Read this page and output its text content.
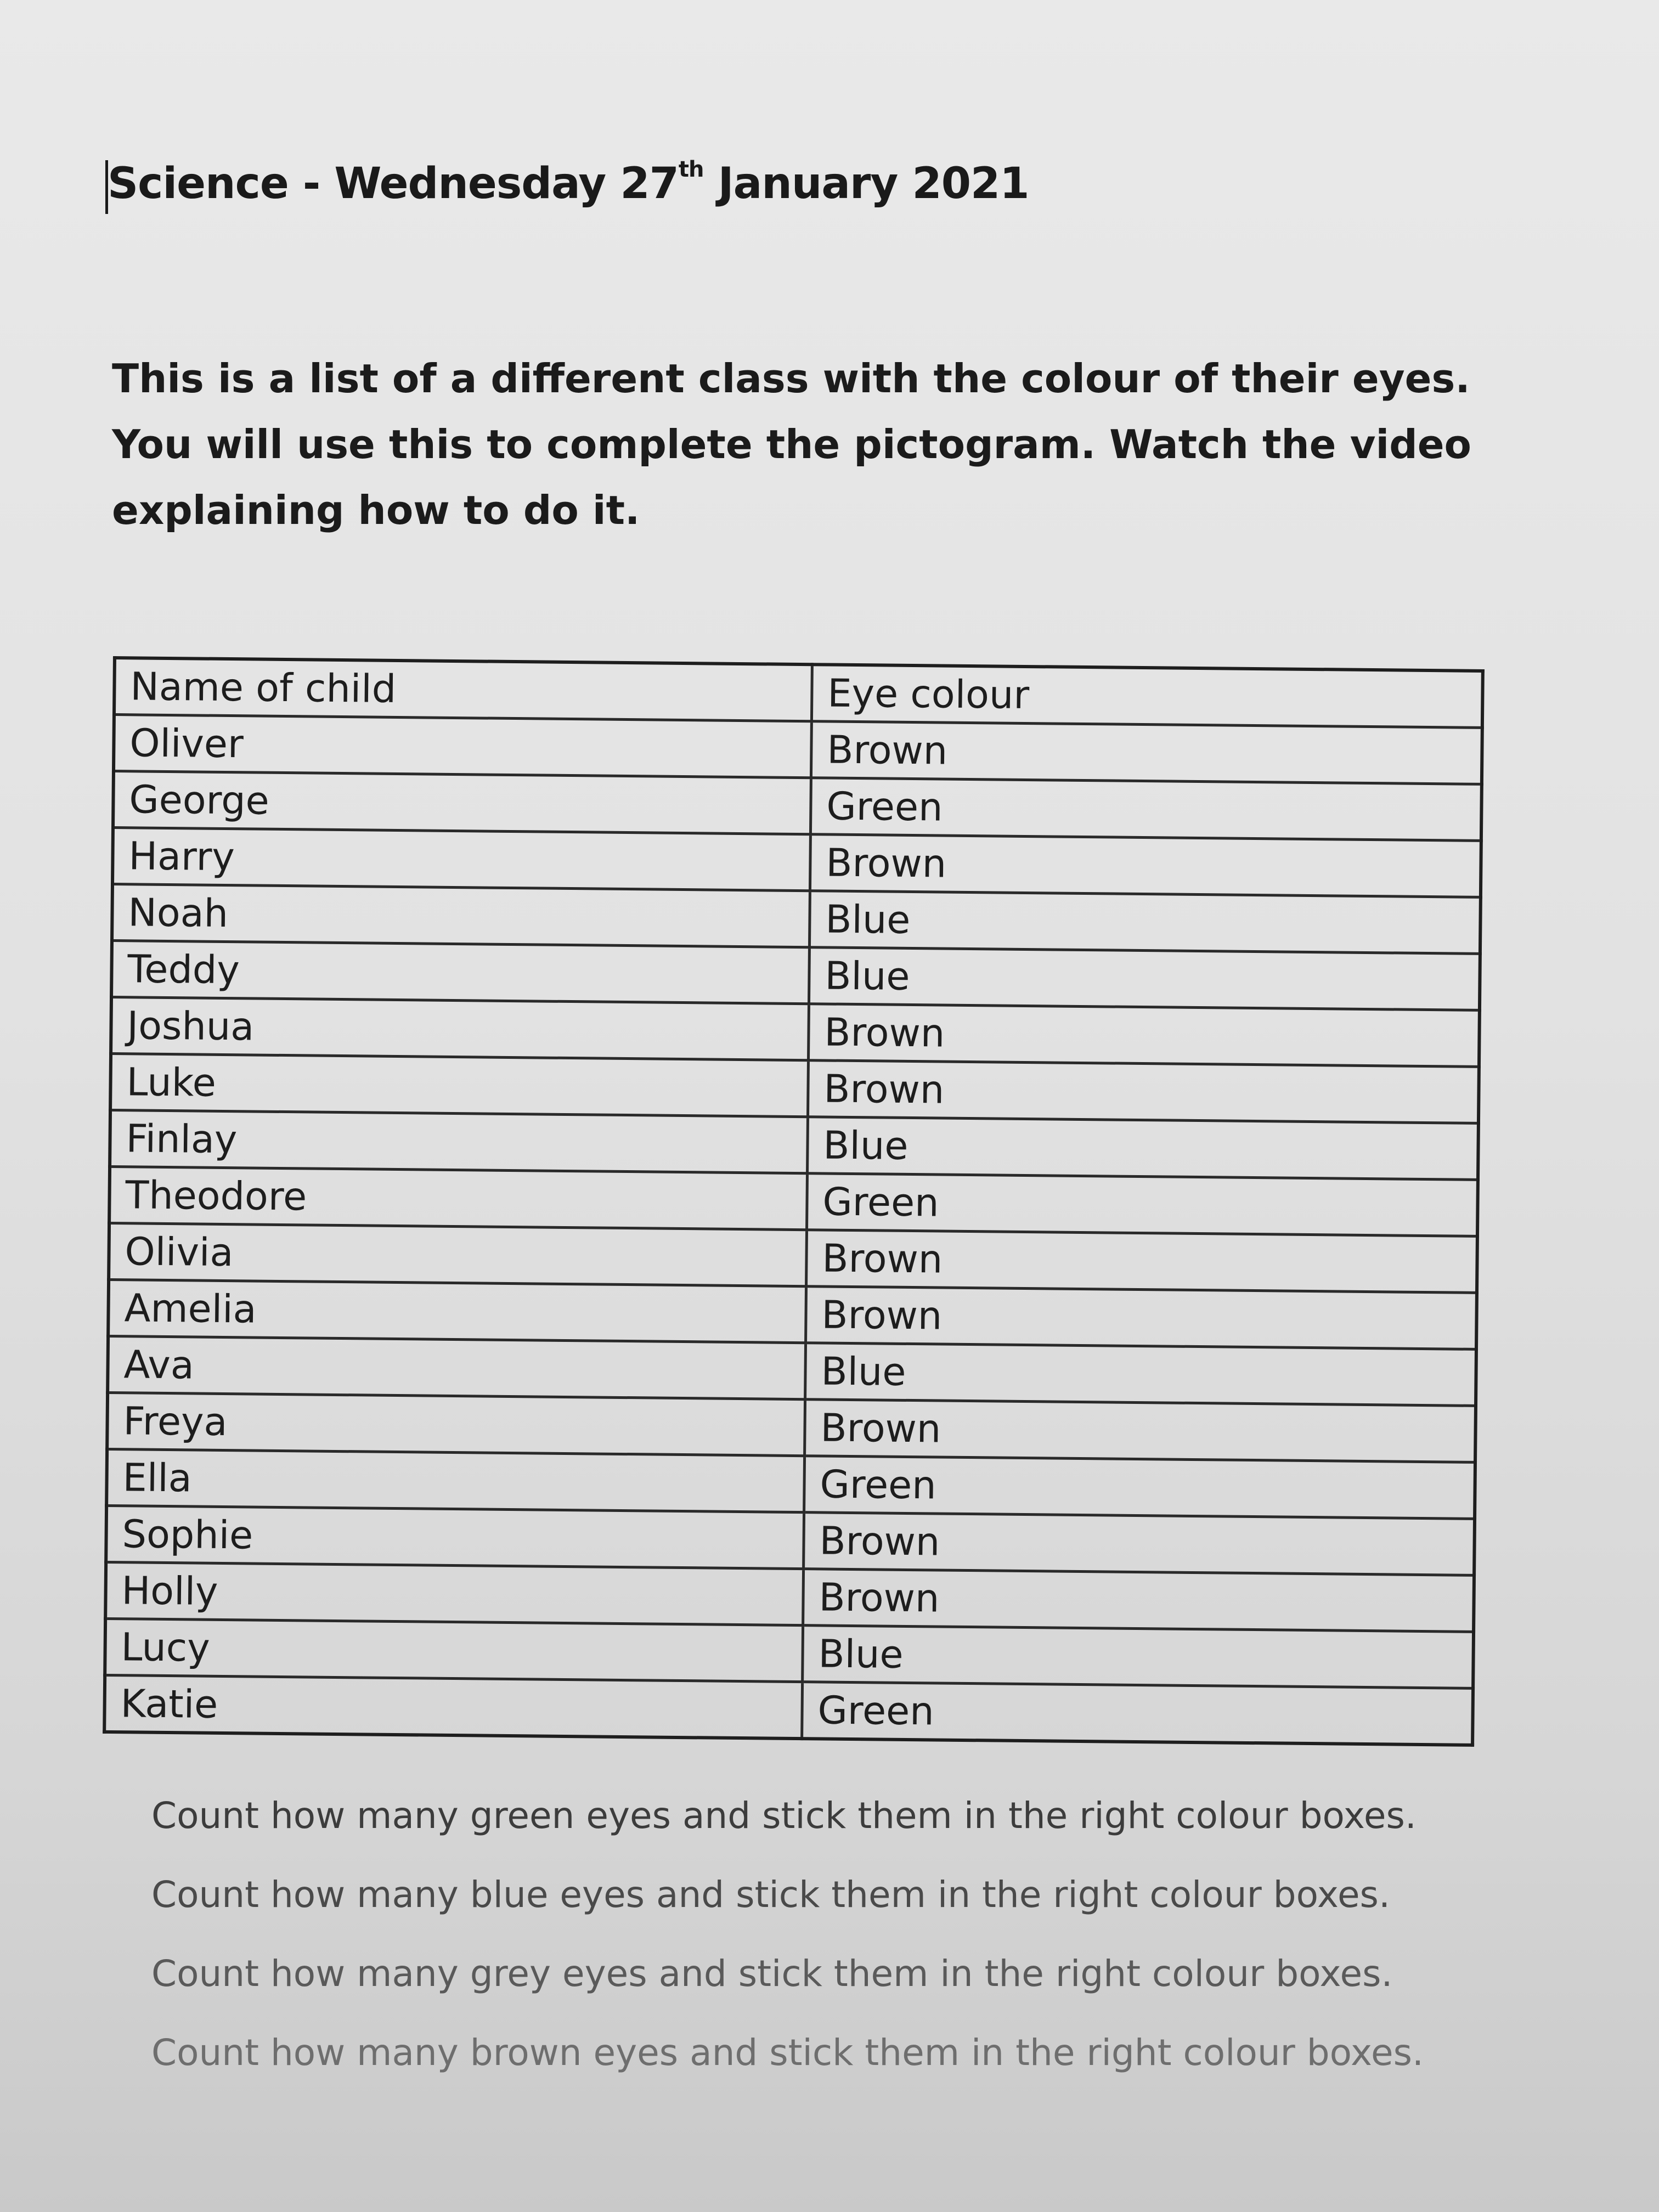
Science - Wednesday 27th January 2021
This is a list of a different class with the colour of their eyes. You will use this to complete the pictogram. Watch the video explaining how to do it.
Name of child	Eye colour
Oliver	Brown
George	Green
Harry	Brown
Noah	Blue
Teddy	Blue
Joshua	Brown
Luke	Brown
Finlay	Blue
Theodore	Green
Olivia	Brown
Amelia	Brown
Ava	Blue
Freya	Brown
Ella	Green
Sophie	Brown
Holly	Brown
Lucy	Blue
Katie	Green
Count how many green eyes and stick them in the right colour boxes.
Count how many blue eyes and stick them in the right colour boxes.
Count how many grey eyes and stick them in the right colour boxes.
Count how many brown eyes and stick them in the right colour boxes.
